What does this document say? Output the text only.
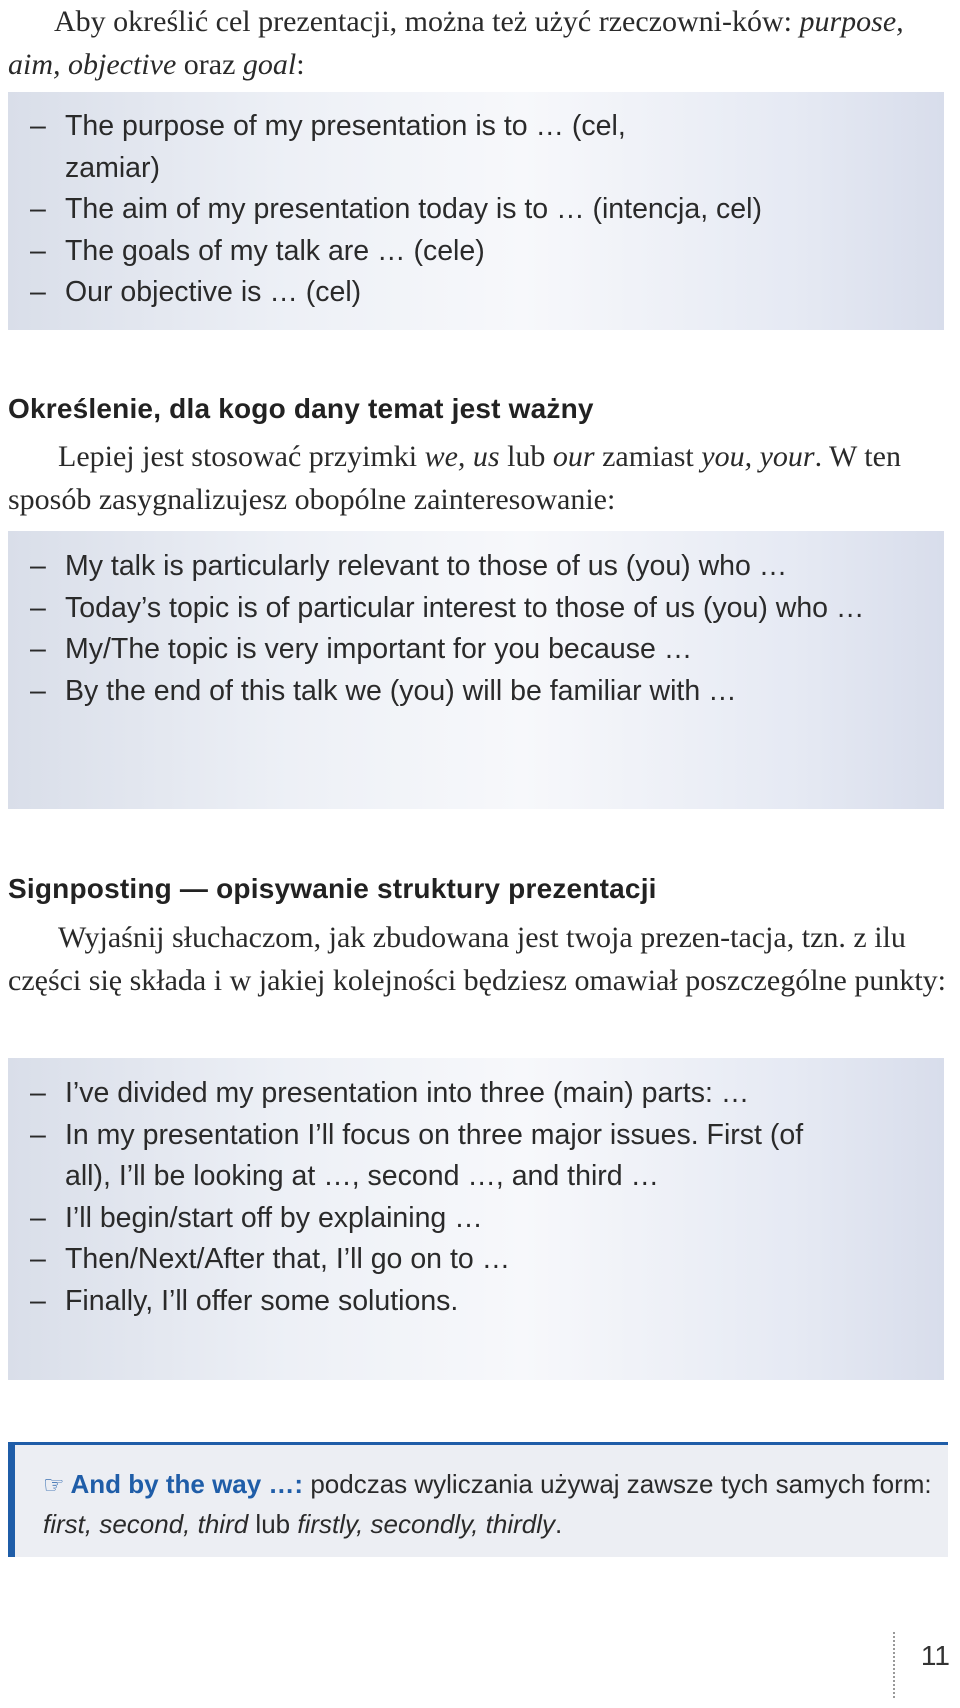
Aby określić cel prezentacji, można też użyć rzeczowni-ków: purpose, aim, objective oraz goal:

– The purpose of my presentation is to … (cel, zamiar)
– The aim of my presentation today is to … (intencja, cel)
– The goals of my talk are … (cele)
– Our objective is … (cel)
Określenie, dla kogo dany temat jest ważny

Lepiej jest stosować przyimki we, us lub our zamiast you, your. W ten sposób zasygnalizujesz obopólne zainteresowanie:

– My talk is particularly relevant to those of us (you) who …
– Today’s topic is of particular interest to those of us (you) who …
– My/The topic is very important for you because …
– By the end of this talk we (you) will be familiar with …
Signposting — opisywanie struktury prezentacji

Wyjaśnij słuchaczom, jak zbudowana jest twoja prezen-tacja, tzn. z ilu części się składa i w jakiej kolejności będziesz omawiał poszczególne punkty:

– I’ve divided my presentation into three (main) parts: …
– In my presentation I’ll focus on three major issues. First (of all), I’ll be looking at …, second …, and third …
– I’ll begin/start off by explaining …
– Then/Next/After that, I’ll go on to …
– Finally, I’ll offer some solutions.

☞ And by the way …: podczas wyliczania używaj zawsze tych samych form: first, second, third lub firstly, secondly, thirdly.

11
